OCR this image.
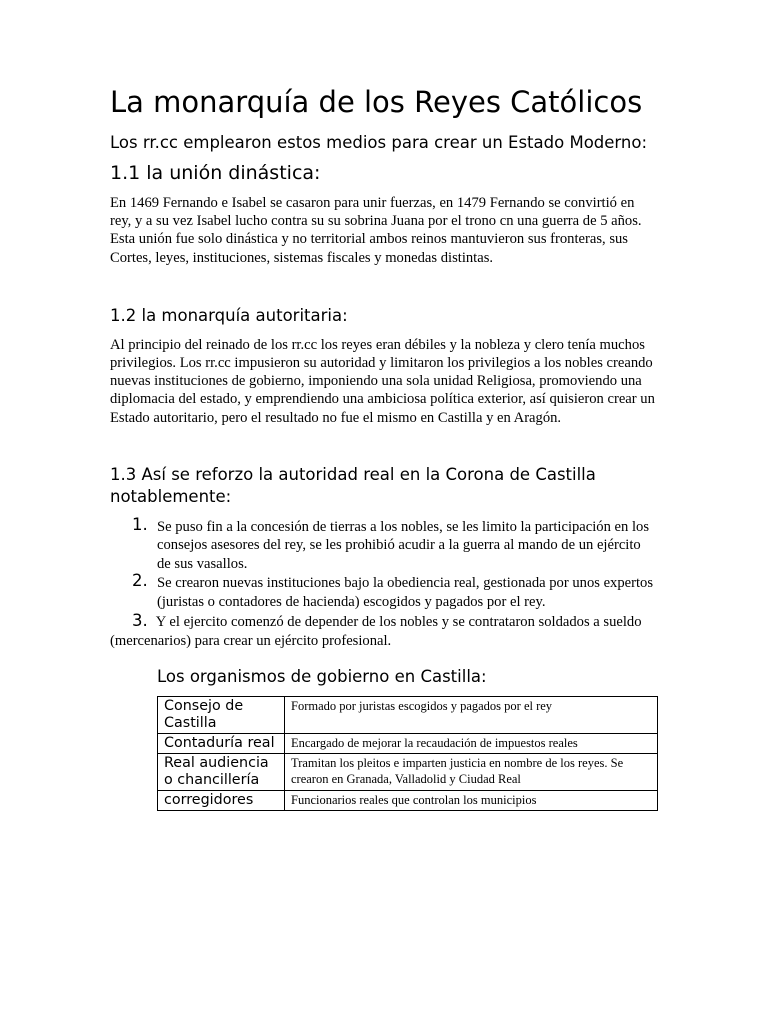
La monarquía de los Reyes Católicos
Los rr.cc emplearon estos medios para crear un Estado Moderno:
1.1 la unión dinástica:

En 1469 Fernando e Isabel se casaron para unir fuerzas, en 1479 Fernando se convirtió en rey, y a su vez Isabel lucho contra su su sobrina Juana por el trono cn una guerra de 5 años. Esta unión fue solo dinástica y no territorial ambos reinos mantuvieron sus fronteras, sus Cortes, leyes, instituciones, sistemas fiscales y monedas distintas.

1.2 la monarquía autoritaria:

Al principio del reinado de los rr.cc los reyes eran débiles y la nobleza y clero tenía muchos privilegios. Los rr.cc impusieron su autoridad y limitaron los privilegios a los nobles creando nuevas instituciones de gobierno, imponiendo una sola unidad Religiosa, promoviendo una diplomacia del estado, y emprendiendo una ambiciosa política exterior, así quisieron crear un Estado autoritario, pero el resultado no fue el mismo en Castilla y en Aragón.

1.3 Así se reforzo la autoridad real en la Corona de Castilla notablemente:
1. Se puso fin a la concesión de tierras a los nobles, se les limito la participación en los consejos asesores del rey, se les prohibió acudir a la guerra al mando de un ejército de sus vasallos.
2. Se crearon nuevas instituciones bajo la obediencia real, gestionada por unos expertos (juristas o contadores de hacienda) escogidos y pagados por el rey.
3. Y el ejercito comenzó de depender de los nobles y se contrataron soldados a sueldo (mercenarios) para crear un ejército profesional.
Los organismos de gobierno en Castilla:
Consejo de Castilla	Formado por juristas escogidos y pagados por el rey
Contaduría real	Encargado de mejorar la recaudación de impuestos reales
Real audiencia o chancillería	Tramitan los pleitos e imparten justicia en nombre de los reyes. Se crearon en Granada, Valladolid y Ciudad Real
corregidores	Funcionarios reales que controlan los municipios
